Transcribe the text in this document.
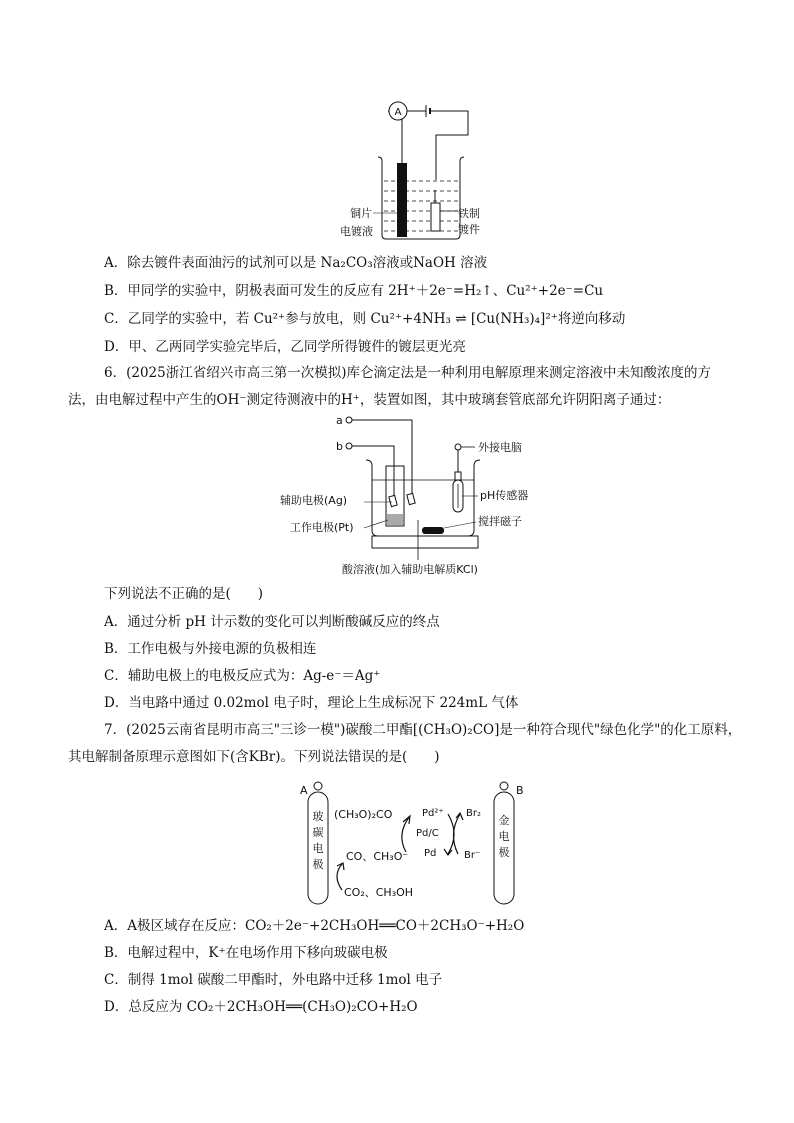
A
铜片
电镀液
铁制
镀件
A．除去镀件表面油污的试剂可以是 Na₂CO₃溶液或NaOH 溶液
B．甲同学的实验中，阴极表面可发生的反应有 2H⁺＋2e⁻=H₂↑、Cu²⁺+2e⁻=Cu
C．乙同学的实验中，若 Cu²⁺参与放电，则 Cu²⁺+4NH₃ ⇌ [Cu(NH₃)₄]²⁺将逆向移动
D．甲、乙两同学实验完毕后，乙同学所得镀件的镀层更光亮
6．(2025浙江省绍兴市高三第一次模拟)库仑滴定法是一种利用电解原理来测定溶液中未知酸浓度的方
法，由电解过程中产生的OH⁻测定待测液中的H⁺，装置如图，其中玻璃套管底部允许阴阳离子通过：
a
b	外接电脑
辅助电极(Ag)	pH传感器
工作电极(Pt)	搅拌磁子
酸溶液(加入辅助电解质KCl)
下列说法不正确的是(　　)
A．通过分析 pH 计示数的变化可以判断酸碱反应的终点
B．工作电极与外接电源的负极相连
C．辅助电极上的电极反应式为：Ag-e⁻＝Ag⁺
D．当电路中通过 0.02mol 电子时，理论上生成标况下 224mL 气体
7．(2025云南省昆明市高三"三诊一模")碳酸二甲酯[(CH₃O)₂CO]是一种符合现代"绿色化学"的化工原料，
其电解制备原理示意图如下(含KBr)。下列说法错误的是(　　)
A
玻
碳
电
极
B
金
电
极
(CH₃O)₂CO
CO、CH₃O⁻
CO₂、CH₃OH
Pd²⁺
Pd/C
Pd
Br₂
Br⁻
A．A极区域存在反应：CO₂＋2e⁻+2CH₃OH══CO＋2CH₃O⁻+H₂O
B．电解过程中，K⁺在电场作用下移向玻碳电极
C．制得 1mol 碳酸二甲酯时，外电路中迁移 1mol 电子
D．总反应为 CO₂＋2CH₃OH══(CH₃O)₂CO+H₂O
